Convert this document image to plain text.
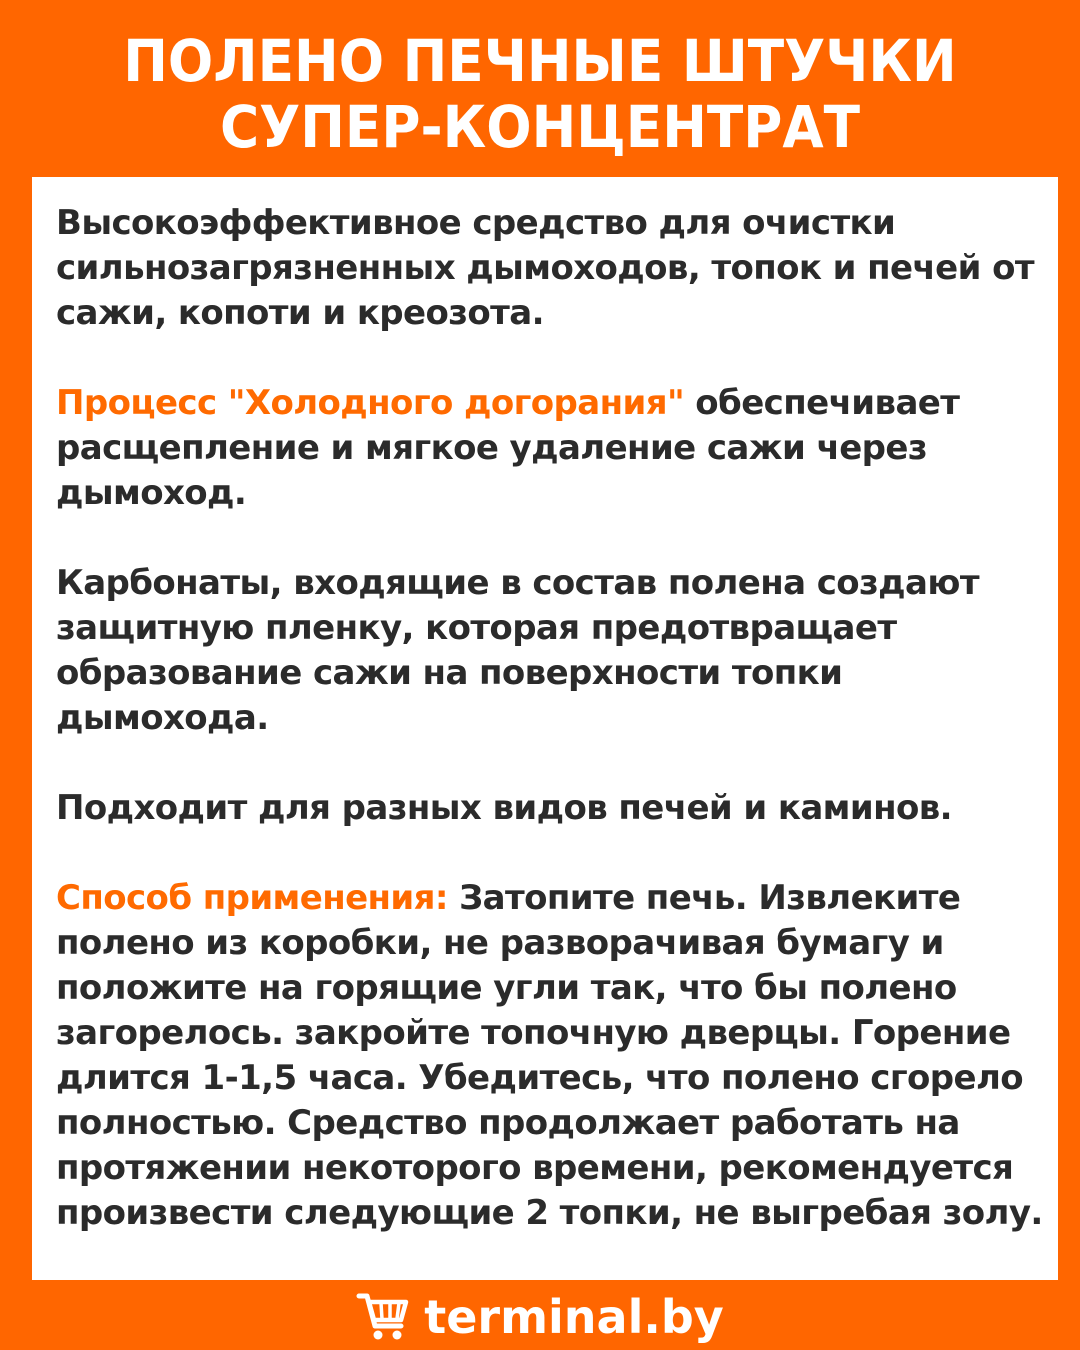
ПОЛЕНО ПЕЧНЫЕ ШТУЧКИ
СУПЕР-КОНЦЕНТРАТ

Высокоэффективное средство для очистки сильнозагрязненных дымоходов, топок и печей от сажи, копоти и креозота.

Процесс "Холодного догорания" обеспечивает расщепление и мягкое удаление сажи через дымоход.

Карбонаты, входящие в состав полена создают защитную пленку, которая предотвращает образование сажи на поверхности топки дымохода.

Подходит для разных видов печей и каминов.

Способ применения: Затопите печь. Извлеките полено из коробки, не разворачивая бумагу и положите на горящие угли так, что бы полено загорелось. закройте топочную дверцы. Горение длится 1-1,5 часа. Убедитесь, что полено сгорело полностью. Средство продолжает работать на протяжении некоторого времени, рекомендуется произвести следующие 2 топки, не выгребая золу.

terminal.by
